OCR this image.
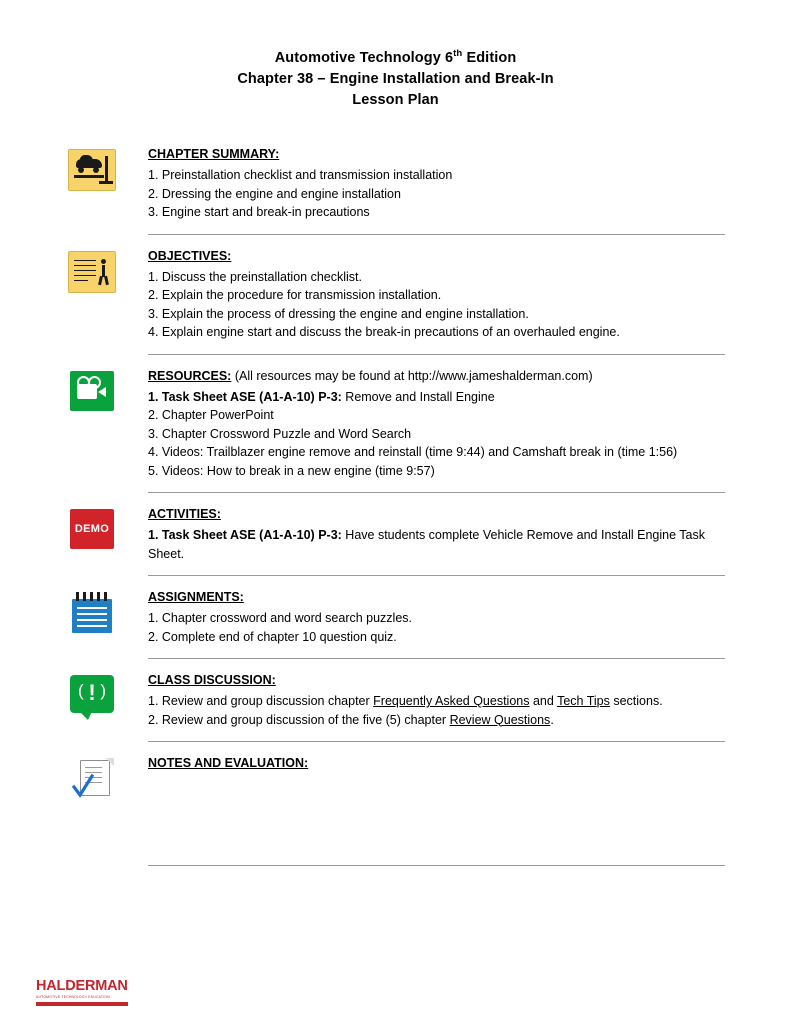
Automotive Technology 6th Edition
Chapter 38 – Engine Installation and Break-In
Lesson Plan
CHAPTER SUMMARY:

1. Preinstallation checklist and transmission installation

2. Dressing the engine and engine installation

3. Engine start and break-in precautions

OBJECTIVES:

1. Discuss the preinstallation checklist.

2. Explain the procedure for transmission installation.

3. Explain the process of dressing the engine and engine installation.

4. Explain engine start and discuss the break-in precautions of an overhauled engine.

RESOURCES: (All resources may be found at http://www.jameshalderman.com)

1. Task Sheet ASE (A1-A-10) P-3: Remove and Install Engine

2. Chapter PowerPoint

3. Chapter Crossword Puzzle and Word Search

4. Videos: Trailblazer engine remove and reinstall (time 9:44) and Camshaft break in (time 1:56)

5. Videos: How to break in a new engine (time 9:57)

DEMO
ACTIVITIES:

1. Task Sheet ASE (A1-A-10) P-3: Have students complete Vehicle Remove and Install Engine Task Sheet.

ASSIGNMENTS:

1. Chapter crossword and word search puzzles.

2. Complete end of chapter 10 question quiz.

( ! )
CLASS DISCUSSION:

1. Review and group discussion chapter Frequently Asked Questions and Tech Tips sections.

2. Review and group discussion of the five (5) chapter Review Questions.

NOTES AND EVALUATION:
HALDERMAN
AUTOMOTIVE TECHNOLOGY EDUCATION
